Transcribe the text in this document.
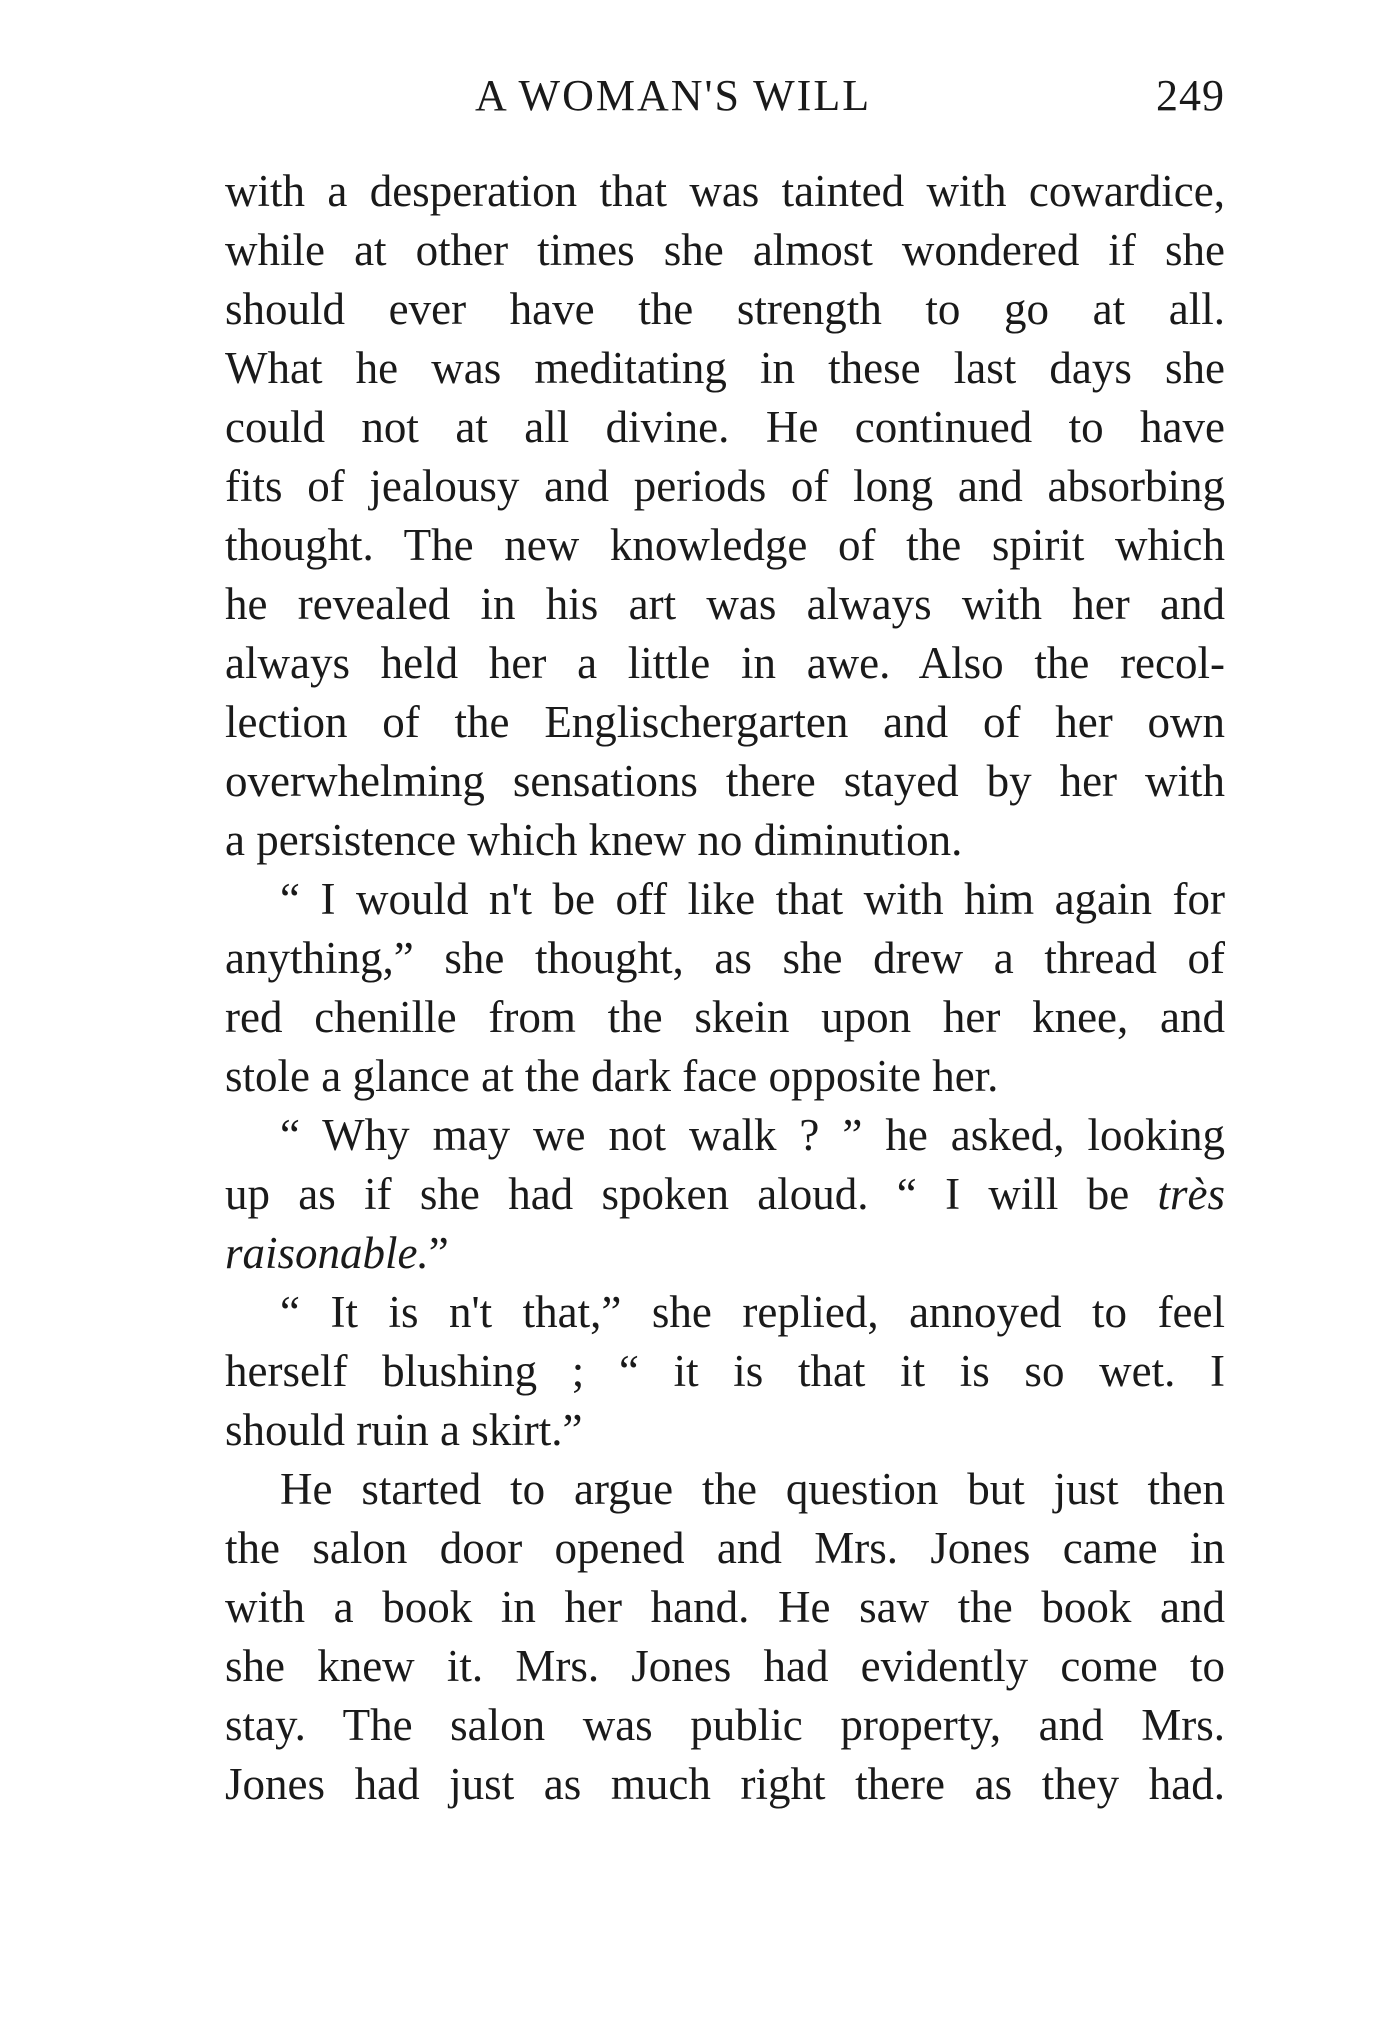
A WOMAN'S WILL	249
with a desperation that was tainted with cowardice,
while at other times she almost wondered if she
should ever have the strength to go at all.
What he was meditating in these last days she
could not at all divine. He continued to have
fits of jealousy and periods of long and absorbing
thought. The new knowledge of the spirit which
he revealed in his art was always with her and
always held her a little in awe. Also the recol-
lection of the Englischergarten and of her own
overwhelming sensations there stayed by her with
a persistence which knew no diminution.
“ I would n't be off like that with him again for
anything,” she thought, as she drew a thread of
red chenille from the skein upon her knee, and
stole a glance at the dark face opposite her.
“ Why may we not walk ? ” he asked, looking
up as if she had spoken aloud. “ I will be très
raisonable.”
“ It is n't that,” she replied, annoyed to feel
herself blushing ; “ it is that it is so wet. I
should ruin a skirt.”
He started to argue the question but just then
the salon door opened and Mrs. Jones came in
with a book in her hand. He saw the book and
she knew it. Mrs. Jones had evidently come to
stay. The salon was public property, and Mrs.
Jones had just as much right there as they had.
